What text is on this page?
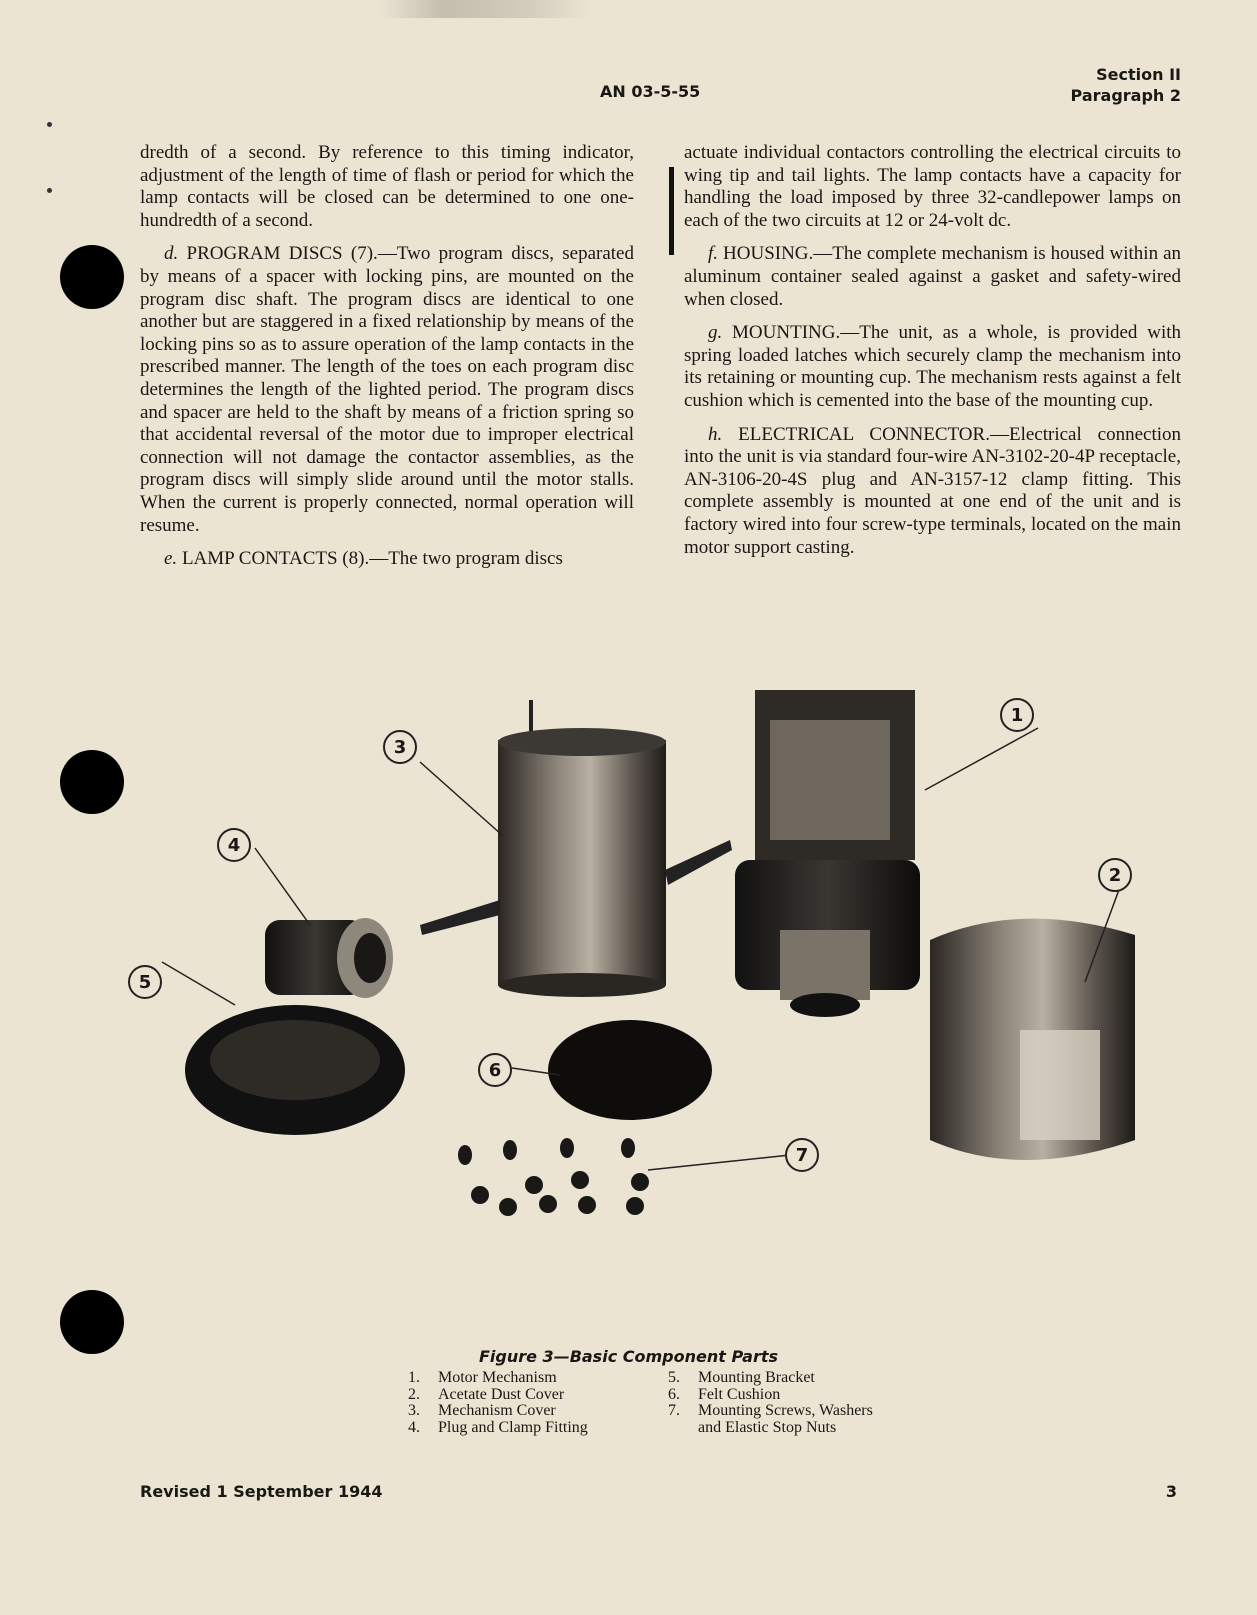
AN 03-5-55
Section II
Paragraph 2

dredth of a second. By reference to this timing indicator, adjustment of the length of time of flash or period for which the lamp contacts will be closed can be determined to one one-hundredth of a second.

d. PROGRAM DISCS (7).—Two program discs, separated by means of a spacer with locking pins, are mounted on the program disc shaft. The program discs are identical to one another but are staggered in a fixed relationship by means of the locking pins so as to assure operation of the lamp contacts in the prescribed manner. The length of the toes on each program disc determines the length of the lighted period. The program discs and spacer are held to the shaft by means of a friction spring so that accidental reversal of the motor due to improper electrical connection will not damage the contactor assemblies, as the program discs will simply slide around until the motor stalls. When the current is properly connected, normal operation will resume.

e. LAMP CONTACTS (8).—The two program discs

actuate individual contactors controlling the electrical circuits to wing tip and tail lights. The lamp contacts have a capacity for handling the load imposed by three 32-candlepower lamps on each of the two circuits at 12 or 24-volt dc.

f. HOUSING.—The complete mechanism is housed within an aluminum container sealed against a gasket and safety-wired when closed.

g. MOUNTING.—The unit, as a whole, is provided with spring loaded latches which securely clamp the mechanism into its retaining or mounting cup. The mechanism rests against a felt cushion which is cemented into the base of the mounting cup.

h. ELECTRICAL CONNECTOR.—Electrical connection into the unit is via standard four-wire AN-3102-20-4P receptacle, AN-3106-20-4S plug and AN-3157-12 clamp fitting. This complete assembly is mounted at one end of the unit and is factory wired into four screw-type terminals, located on the main motor support casting.

3
1
2
4
5
6
7
Figure 3—Basic Component Parts
1.	Motor Mechanism
2.	Acetate Dust Cover
3.	Mechanism Cover
4.	Plug and Clamp Fitting
5.	Mounting Bracket
6.	Felt Cushion
7.	Mounting Screws, Washers
and Elastic Stop Nuts
Revised 1 September 1944	3
